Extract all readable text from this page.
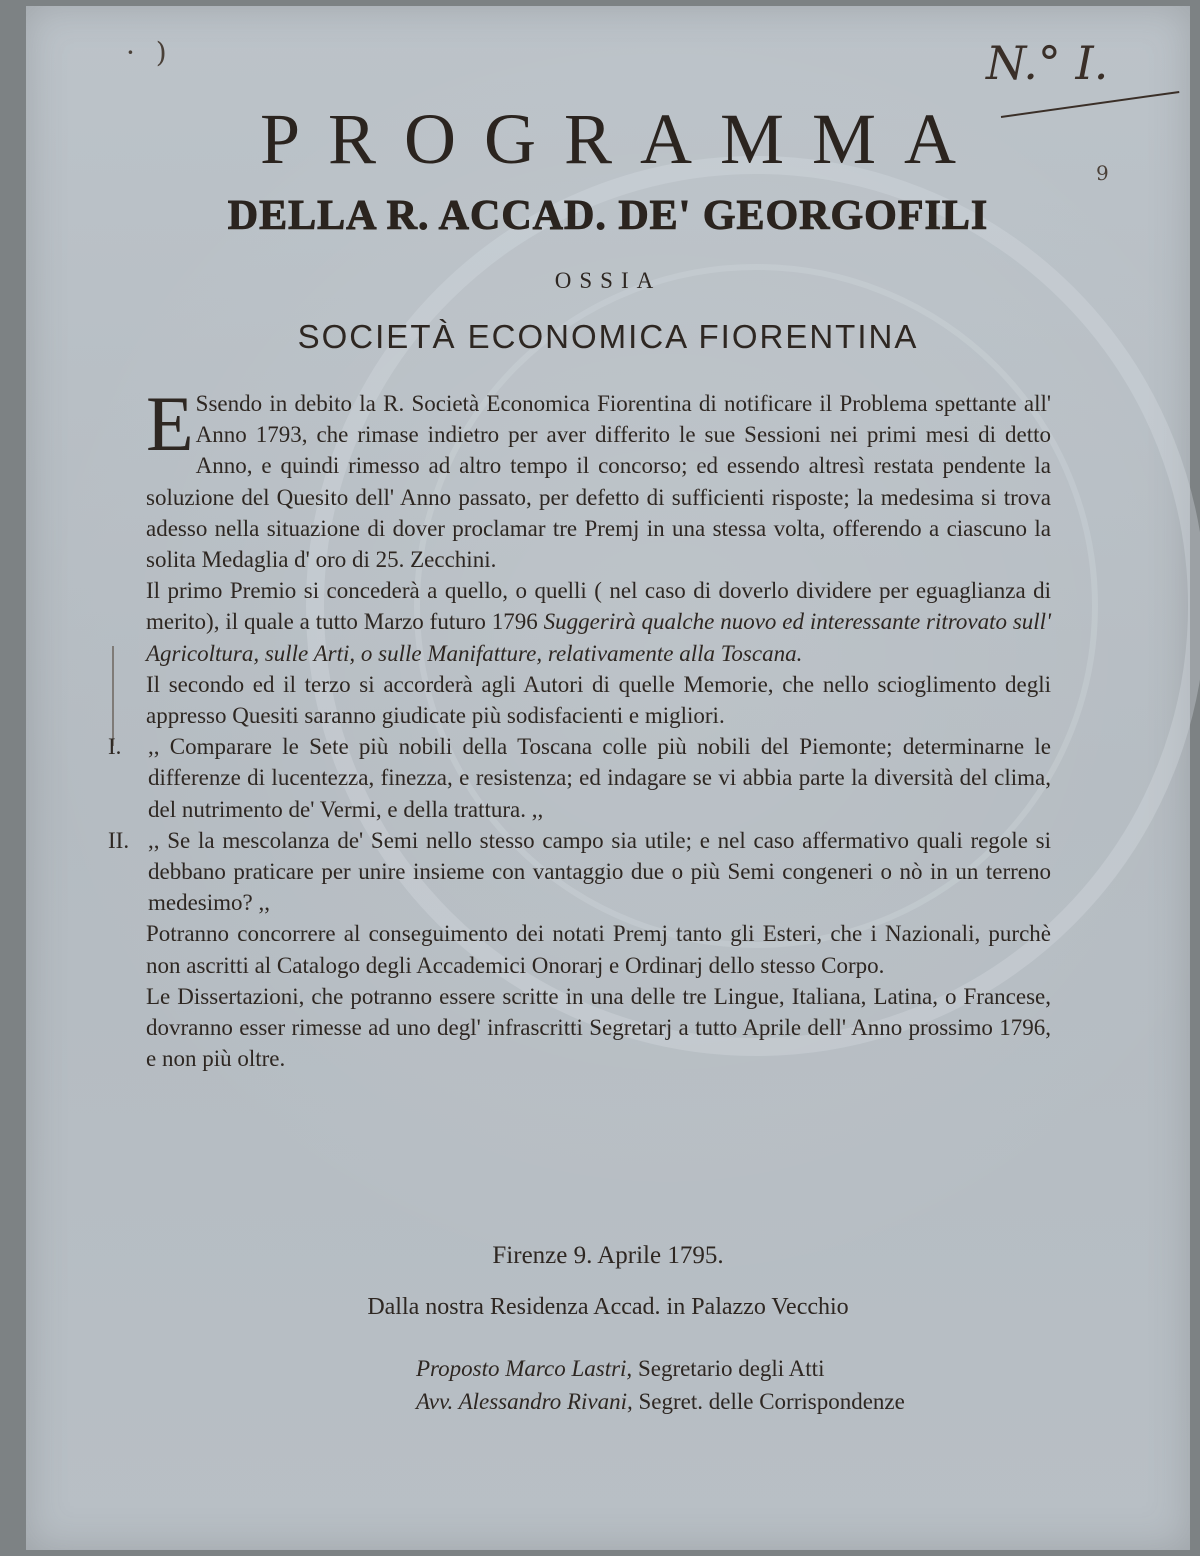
· )	N.° I.
9
PROGRAMMA
DELLA R. ACCAD. DE' GEORGOFILI
OSSIA
SOCIETÀ ECONOMICA FIORENTINA

E Ssendo in debito la R. Società Economica Fiorentina di notificare il Problema spettante all' Anno 1793, che rimase indietro per aver differito le sue Sessioni nei primi mesi di detto Anno, e quindi rimesso ad altro tempo il concorso; ed essendo altresì restata pendente la soluzione del Quesito dell' Anno passato, per defetto di sufficienti risposte; la medesima si trova adesso nella situazione di dover proclamar tre Premj in una stessa volta, offerendo a ciascuno la solita Medaglia d' oro di 25. Zecchini.

Il primo Premio si concederà a quello, o quelli ( nel caso di doverlo dividere per eguaglianza di merito), il quale a tutto Marzo futuro 1796 Suggerirà qualche nuovo ed interessante ritrovato sull' Agricoltura, sulle Arti, o sulle Manifatture, relativamente alla Toscana.

Il secondo ed il terzo si accorderà agli Autori di quelle Memorie, che nello scioglimento degli appresso Quesiti saranno giudicate più sodisfacienti e migliori.

I.	,, Comparare le Sete più nobili della Toscana colle più nobili del Piemonte; determinarne le differenze di lucentezza, finezza, e resistenza; ed indagare se vi abbia parte la diversità del clima, del nutrimento de' Vermi, e della trattura. ,,
II. ,, Se la mescolanza de' Semi nello stesso campo sia utile; e nel caso affermativo quali regole si debbano praticare per unire insieme con vantaggio due o più Semi congeneri o nò in un terreno medesimo? ,,

Potranno concorrere al conseguimento dei notati Premj tanto gli Esteri, che i Nazionali, purchè non ascritti al Catalogo degli Accademici Onorarj e Ordinarj dello stesso Corpo.

Le Dissertazioni, che potranno essere scritte in una delle tre Lingue, Italiana, Latina, o Francese, dovranno esser rimesse ad uno degl' infrascritti Segretarj a tutto Aprile dell' Anno prossimo 1796, e non più oltre.

Firenze 9. Aprile 1795.
Dalla nostra Residenza Accad. in Palazzo Vecchio
Proposto Marco Lastri, Segretario degli Atti
Avv. Alessandro Rivani, Segret. delle Corrispondenze
